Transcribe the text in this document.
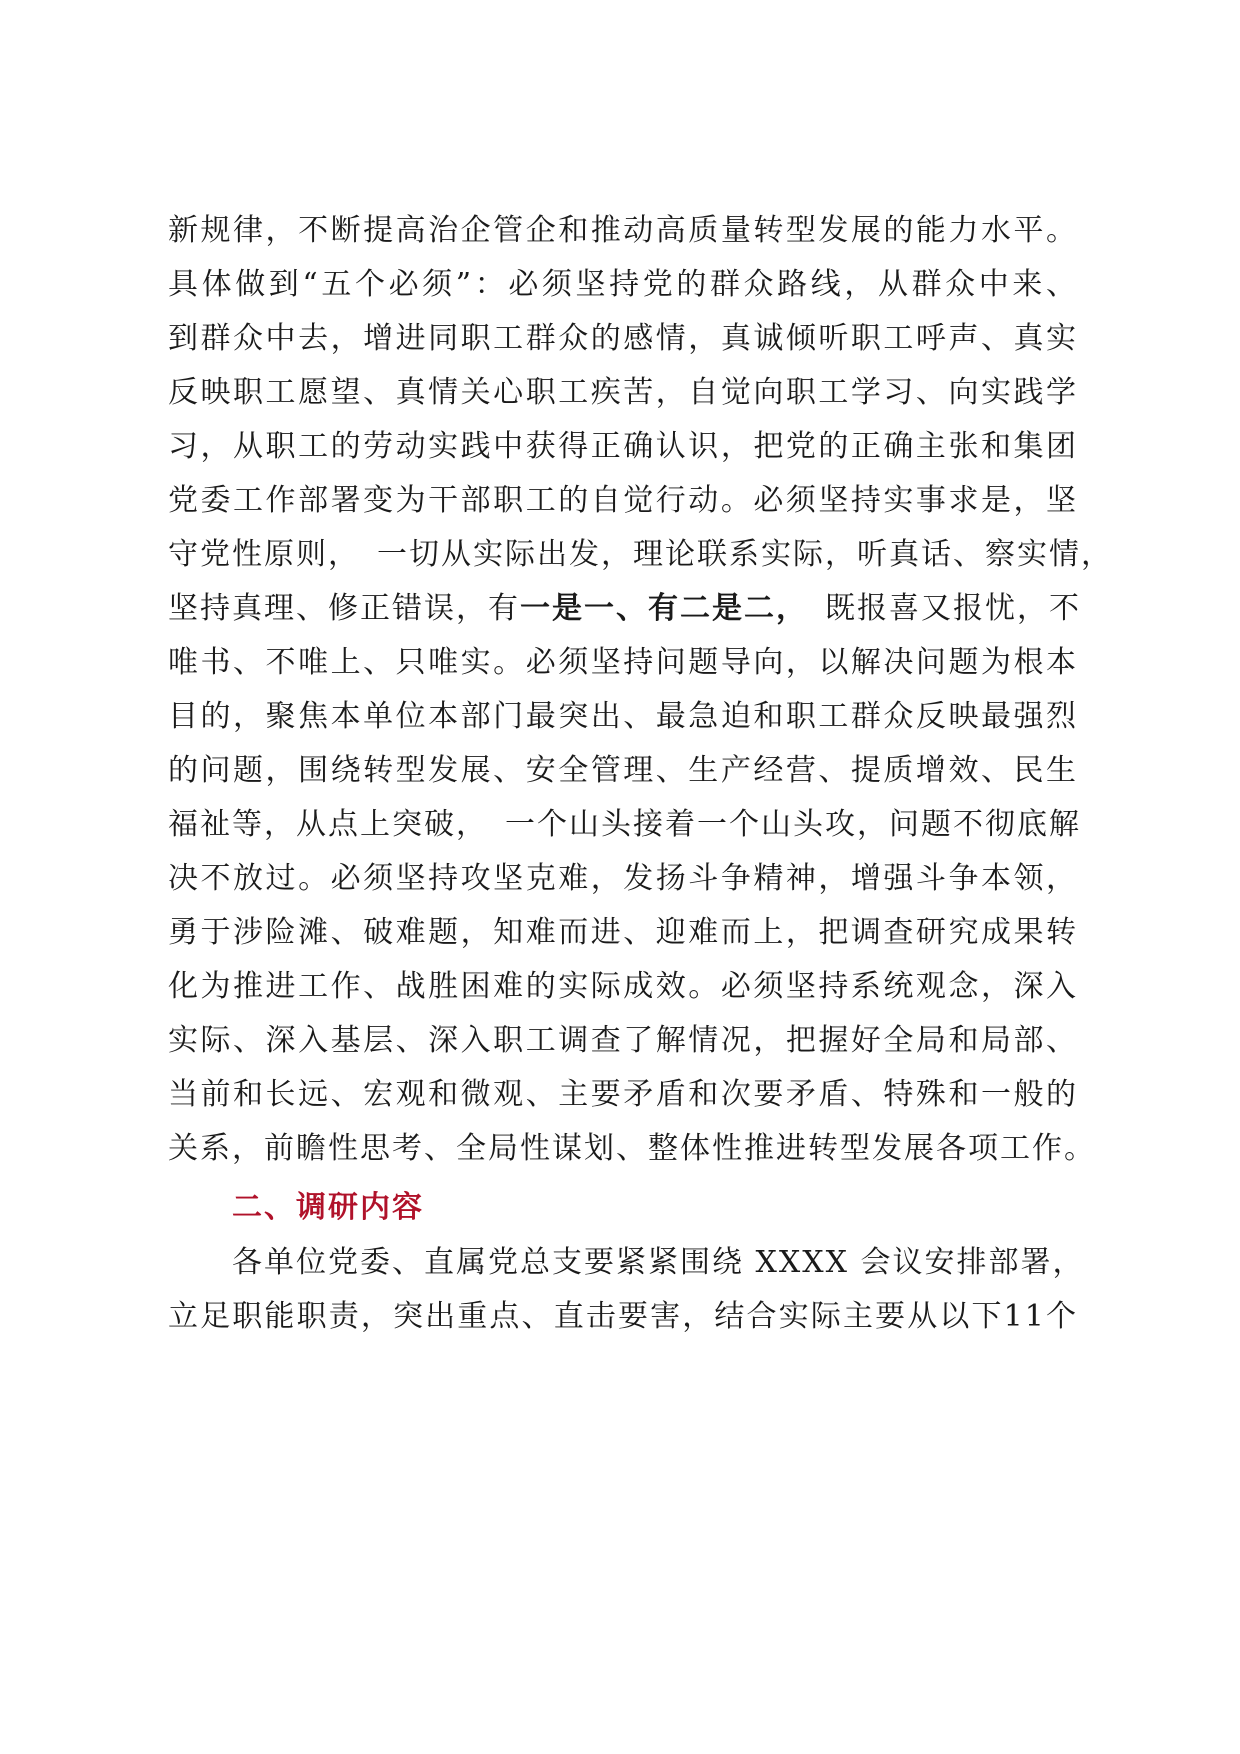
新规律，不断提高治企管企和推动高质量转型发展的能力水平。
具体做到“五个必须”：必须坚持党的群众路线，从群众中来、
到群众中去，增进同职工群众的感情，真诚倾听职工呼声、真实
反映职工愿望、真情关心职工疾苦，自觉向职工学习、向实践学
习，从职工的劳动实践中获得正确认识，把党的正确主张和集团
党委工作部署变为干部职工的自觉行动。必须坚持实事求是，坚
守党性原则，　一切从实际出发，理论联系实际，听真话、察实情，
坚持真理、修正错误，有一是一、有二是二，　既报喜又报忧，不
唯书、不唯上、只唯实。必须坚持问题导向，以解决问题为根本
目的，聚焦本单位本部门最突出、最急迫和职工群众反映最强烈
的问题，围绕转型发展、安全管理、生产经营、提质增效、民生
福祉等，从点上突破，　一个山头接着一个山头攻，问题不彻底解
决不放过。必须坚持攻坚克难，发扬斗争精神，增强斗争本领，
勇于涉险滩、破难题，知难而进、迎难而上，把调查研究成果转
化为推进工作、战胜困难的实际成效。必须坚持系统观念，深入
实际、深入基层、深入职工调查了解情况，把握好全局和局部、
当前和长远、宏观和微观、主要矛盾和次要矛盾、特殊和一般的
关系，前瞻性思考、全局性谋划、整体性推进转型发展各项工作。
二、调研内容
各单位党委、直属党总支要紧紧围绕 XXXX 会议安排部署，
立足职能职责，突出重点、直击要害，结合实际主要从以下11个
